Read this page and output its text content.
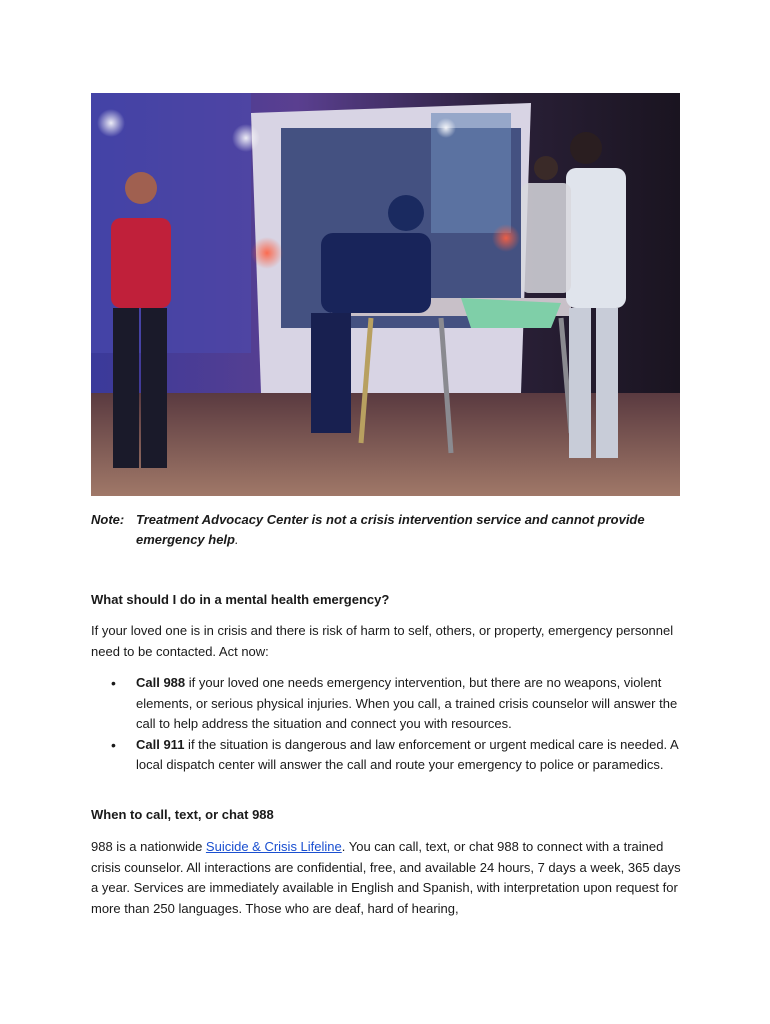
Note: Treatment Advocacy Center is not a crisis intervention service and cannot provide emergency help.
What should I do in a mental health emergency?
If your loved one is in crisis and there is risk of harm to self, others, or property, emergency personnel need to be contacted. Act now:
• Call 988 if your loved one needs emergency intervention, but there are no weapons, violent elements, or serious physical injuries. When you call, a trained crisis counselor will answer the call to help address the situation and connect you with resources.
• Call 911 if the situation is dangerous and law enforcement or urgent medical care is needed. A local dispatch center will answer the call and route your emergency to police or paramedics.
When to call, text, or chat 988
988 is a nationwide Suicide & Crisis Lifeline. You can call, text, or chat 988 to connect with a trained crisis counselor. All interactions are confidential, free, and available 24 hours, 7 days a week, 365 days a year. Services are immediately available in English and Spanish, with interpretation upon request for more than 250 languages. Those who are deaf, hard of hearing,
